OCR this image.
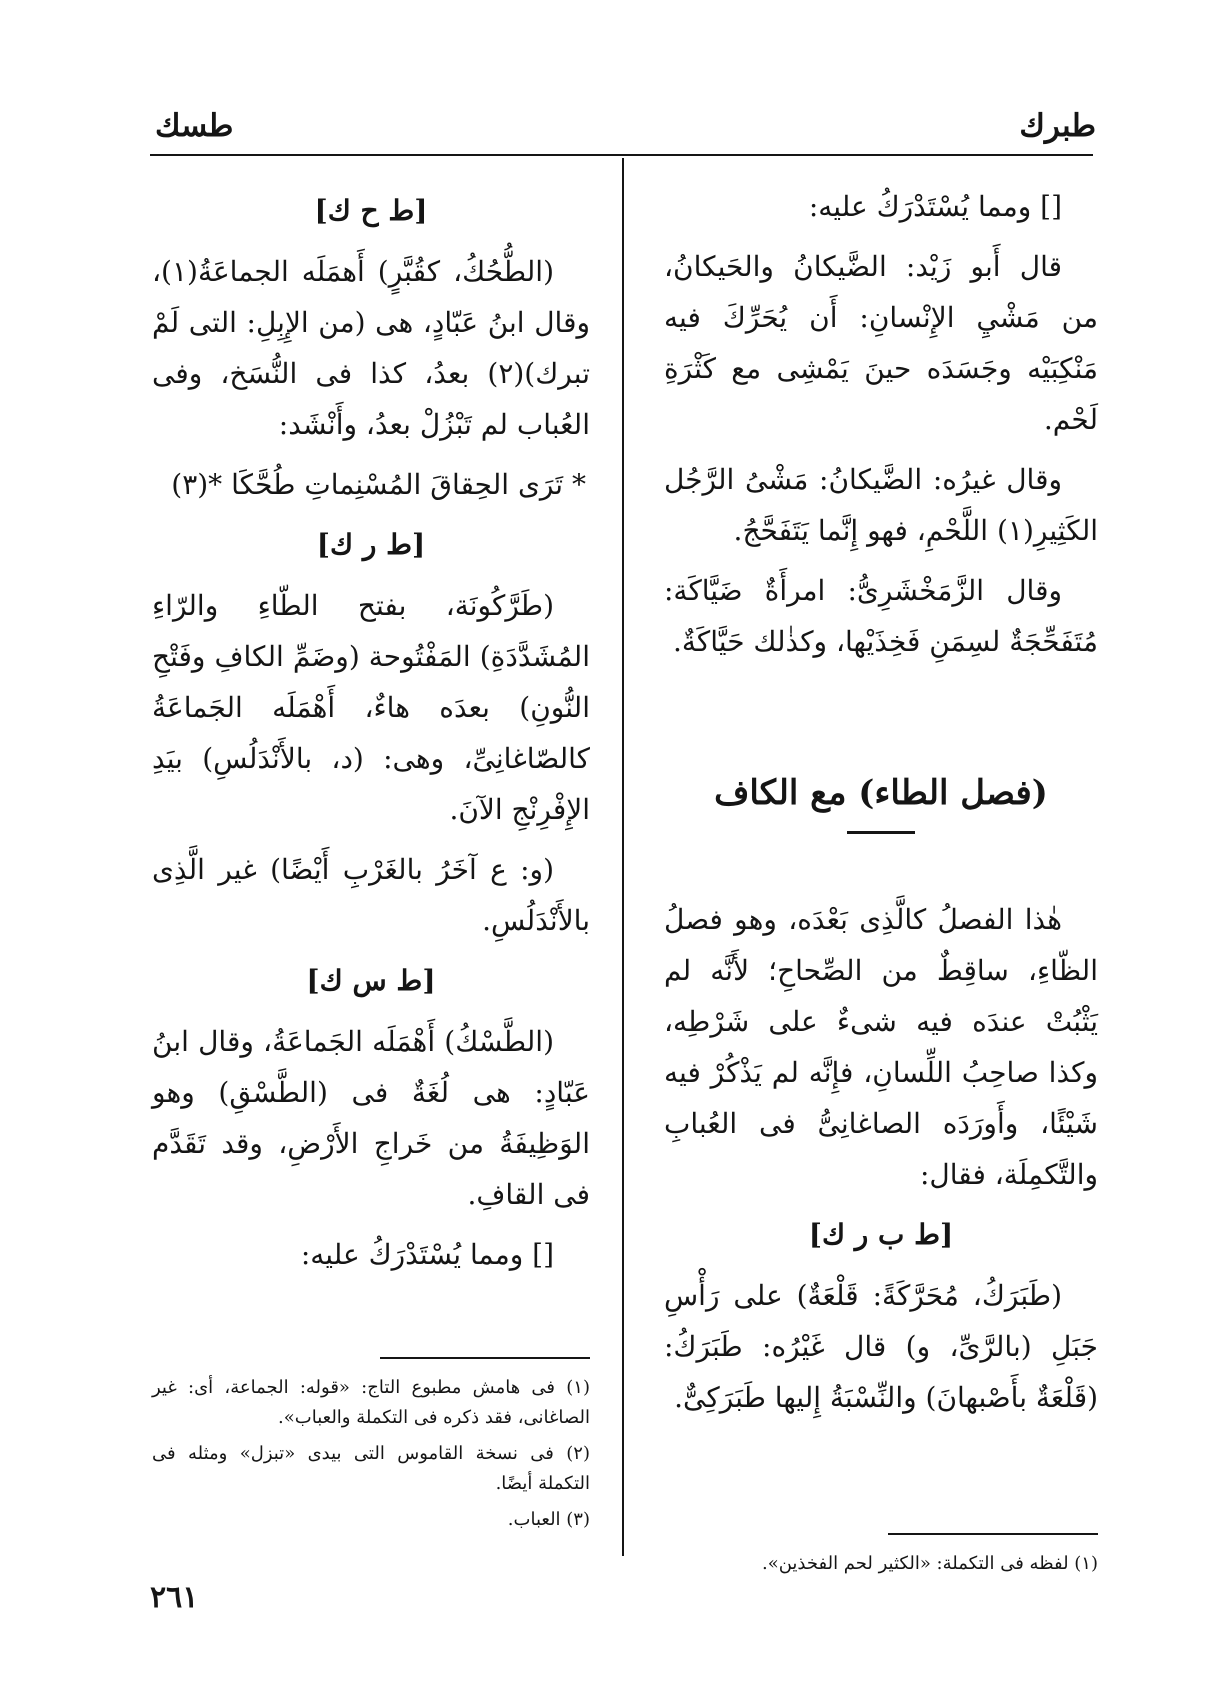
طبرك
طسك

[] ومما يُسْتَدْرَكُ عليه:

قال أَبو زَيْد: الضَّيكانُ والحَيكانُ، من مَشْيِ الإِنْسانِ: أَن يُحَرِّكَ فيه مَنْكِبَيْه وجَسَدَه حينَ يَمْشِى مع كَثْرَةِ لَحْم.

وقال غيرُه: الضَّيكانُ: مَشْىُ الرَّجُل الكَثِيرِ(١) اللَّحْمِ، فهو إِنَّما يَتَفَحَّجُ.

وقال الزَّمَخْشَرِىُّ: امرأَةٌ ضَيَّاكَة: مُتَفَحِّجَةٌ لسِمَنِ فَخِذَيْها، وكذٰلك حَيَّاكَةٌ.

(فصل الطاء) مع الكاف

هٰذا الفصلُ كالَّذِى بَعْدَه، وهو فصلُ الظّاءِ، ساقِطٌ من الصِّحاحِ؛ لأَنَّه لم يَثْبُتْ عندَه فيه شىءٌ على شَرْطِه، وكذا صاحِبُ اللِّسانِ، فإِنَّه لم يَذْكُرْ فيه شَيْئًا، وأَورَدَه الصاغانِىُّ فى العُبابِ والتَّكمِلَة، فقال:

[ط ب ر ك]

(طَبَرَكُ، مُحَرَّكَةً: قَلْعَةٌ) على رَأْسِ جَبَلِ (بالرَّىِّ، و) قال غَيْرُه: طَبَرَكُ: (قَلْعَةٌ بأَصْبهانَ) والنِّسْبَةُ إِليها طَبَرَكِىٌّ.

[ط ح ك]

(الطُّحُكُ، كقُبَّرٍ) أَهمَلَه الجماعَةُ(١)، وقال ابنُ عَبّادٍ، هى (من الإِبِلِ: التى لَمْ تبرك)(٢) بعدُ، كذا فى النُّسَخ، وفى العُباب لم تَبْزُلْ بعدُ، وأَنْشَد:

* تَرَى الحِقاقَ المُسْنِماتِ طُحَّكَا *(٣)

[ط ر ك]

(طَرَّكُونَة، بفتح الطّاءِ والرّاءِ المُشَدَّدَةِ) المَفْتُوحة (وضَمِّ الكافِ وفَتْحِ النُّونِ) بعدَه هاءٌ، أَهْمَلَه الجَماعَةُ كالصّاغانِىِّ، وهى: (د، بالأَنْدَلُسِ) بيَدِ الإِفْرِنْجِ الآنَ.

(و: ع آخَرُ بالغَرْبِ أَيْضًا) غير الَّذِى بالأَنْدَلُسِ.

[ط س ك]

(الطَّسْكُ) أَهْمَلَه الجَماعَةُ، وقال ابنُ عَبّادٍ: هى لُغَةٌ فى (الطَّسْقِ) وهو الوَظِيفَةُ من خَراجِ الأَرْضِ، وقد تَقَدَّم فى القافِ.

[] ومما يُسْتَدْرَكُ عليه:

(١) فى هامش مطبوع التاج: «قوله: الجماعة، أى: غير الصاغانى، فقد ذكره فى التكملة والعباب».

(٢) فى نسخة القاموس التى بيدى «تبزل» ومثله فى التكملة أيضًا.

(٣) العباب.

(١) لفظه فى التكملة: «الكثير لحم الفخذين».

٢٦١
